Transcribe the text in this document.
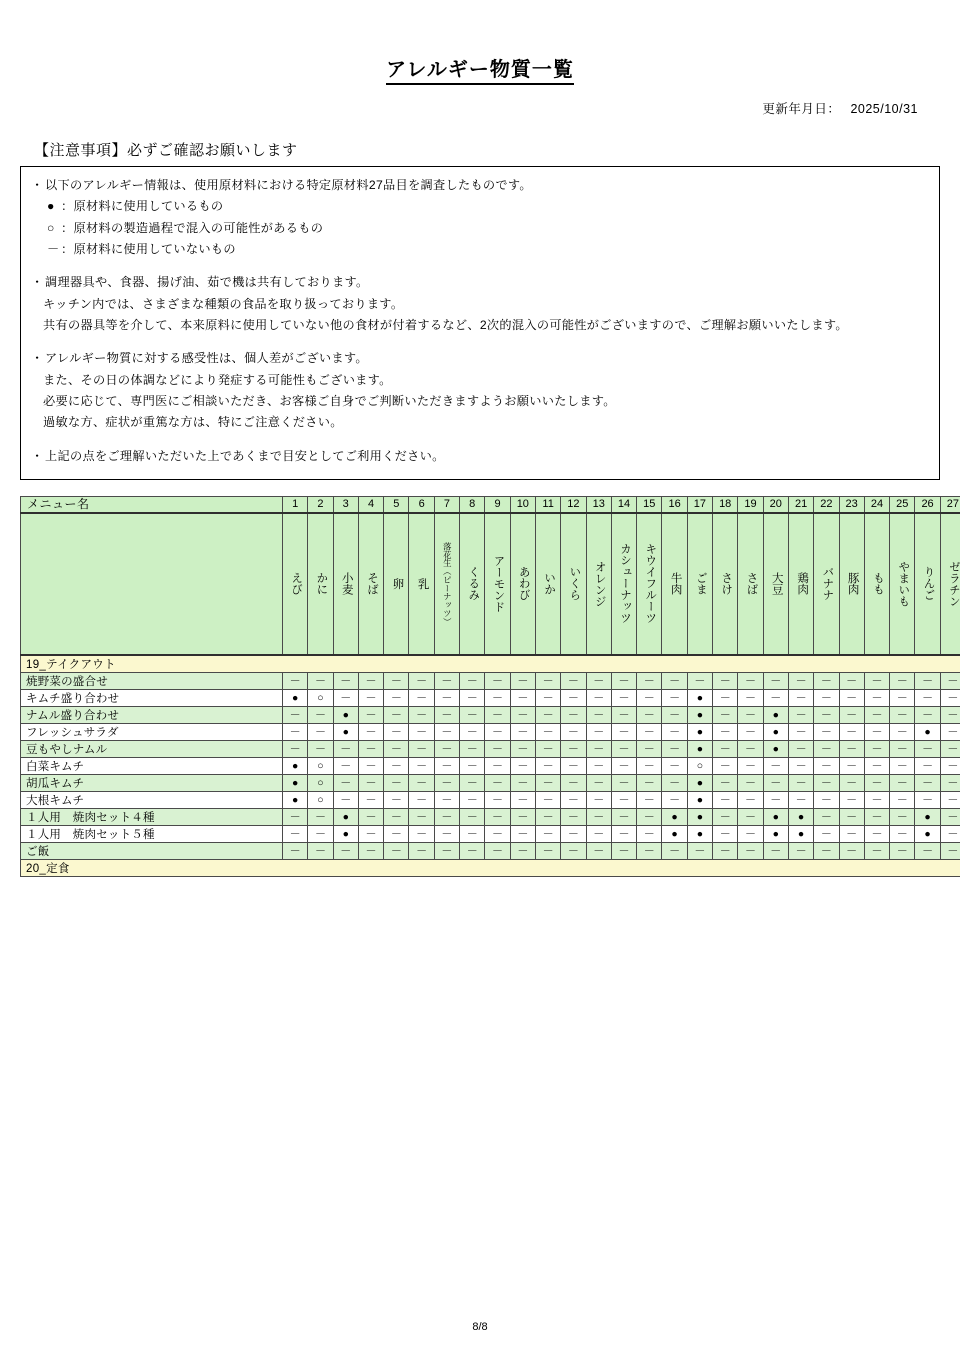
アレルギー物質一覧
更新年月日： 2025/10/31
【注意事項】必ずご確認お願いします
・ 以下のアレルギー情報は、使用原材料における特定原材料27品目を調査したものです。
● ：原材料に使用しているもの
○ ：原材料の製造過程で混入の可能性があるもの
－ ：原材料に使用していないもの
・ 調理器具や、食器、揚げ油、茹で機は共有しております。
キッチン内では、さまざまな種類の食品を取り扱っております。
共有の器具等を介して、本来原料に使用していない他の食材が付着するなど、2次的混入の可能性がございますので、ご理解お願いいたします。
・ アレルギー物質に対する感受性は、個人差がございます。
また、その日の体調などにより発症する可能性もございます。
必要に応じて、専門医にご相談いただき、お客様ご自身でご判断いただきますようお願いいたします。
過敏な方、症状が重篤な方は、特にご注意ください。
・ 上記の点をご理解いただいた上であくまで目安としてご利用ください。
メニュー名	1	2	3	4	5	6	7	8	9	10	11	12	13	14	15	16	17	18	19	20	21	22	23	24	25	26	27

	えび	かに	小麦	そば	卵	乳	落花生（ピーナッツ）	くるみ	アーモンド	あわび	いか	いくら	オレンジ	カシューナッツ	キウイフルーツ	牛肉	ごま	さけ	さば	大豆	鶏肉	バナナ	豚肉	もも	やまいも	りんご	ゼラチン

19_テイクアウト																											
焼野菜の盛合せ	－	－	－	－	－	－	－	－	－	－	－	－	－	－	－	－	－	－	－	－	－	－	－	－	－	－	－
キムチ盛り合わせ	●	○	－	－	－	－	－	－	－	－	－	－	－	－	－	－	●	－	－	－	－	－	－	－	－	－	－
ナムル盛り合わせ	－	－	●	－	－	－	－	－	－	－	－	－	－	－	－	－	●	－	－	●	－	－	－	－	－	－	－
フレッシュサラダ	－	－	●	－	－	－	－	－	－	－	－	－	－	－	－	－	●	－	－	●	－	－	－	－	－	●	－
豆もやしナムル	－	－	－	－	－	－	－	－	－	－	－	－	－	－	－	－	●	－	－	●	－	－	－	－	－	－	－
白菜キムチ	●	○	－	－	－	－	－	－	－	－	－	－	－	－	－	－	○	－	－	－	－	－	－	－	－	－	－
胡瓜キムチ	●	○	－	－	－	－	－	－	－	－	－	－	－	－	－	－	●	－	－	－	－	－	－	－	－	－	－
大根キムチ	●	○	－	－	－	－	－	－	－	－	－	－	－	－	－	－	●	－	－	－	－	－	－	－	－	－	－
１人用　焼肉セット４種	－	－	●	－	－	－	－	－	－	－	－	－	－	－	－	●	●	－	－	●	●	－	－	－	－	●	－
１人用　焼肉セット５種	－	－	●	－	－	－	－	－	－	－	－	－	－	－	－	●	●	－	－	●	●	－	－	－	－	●	－
ご飯	－	－	－	－	－	－	－	－	－	－	－	－	－	－	－	－	－	－	－	－	－	－	－	－	－	－	－
20_定食																											
8/8
